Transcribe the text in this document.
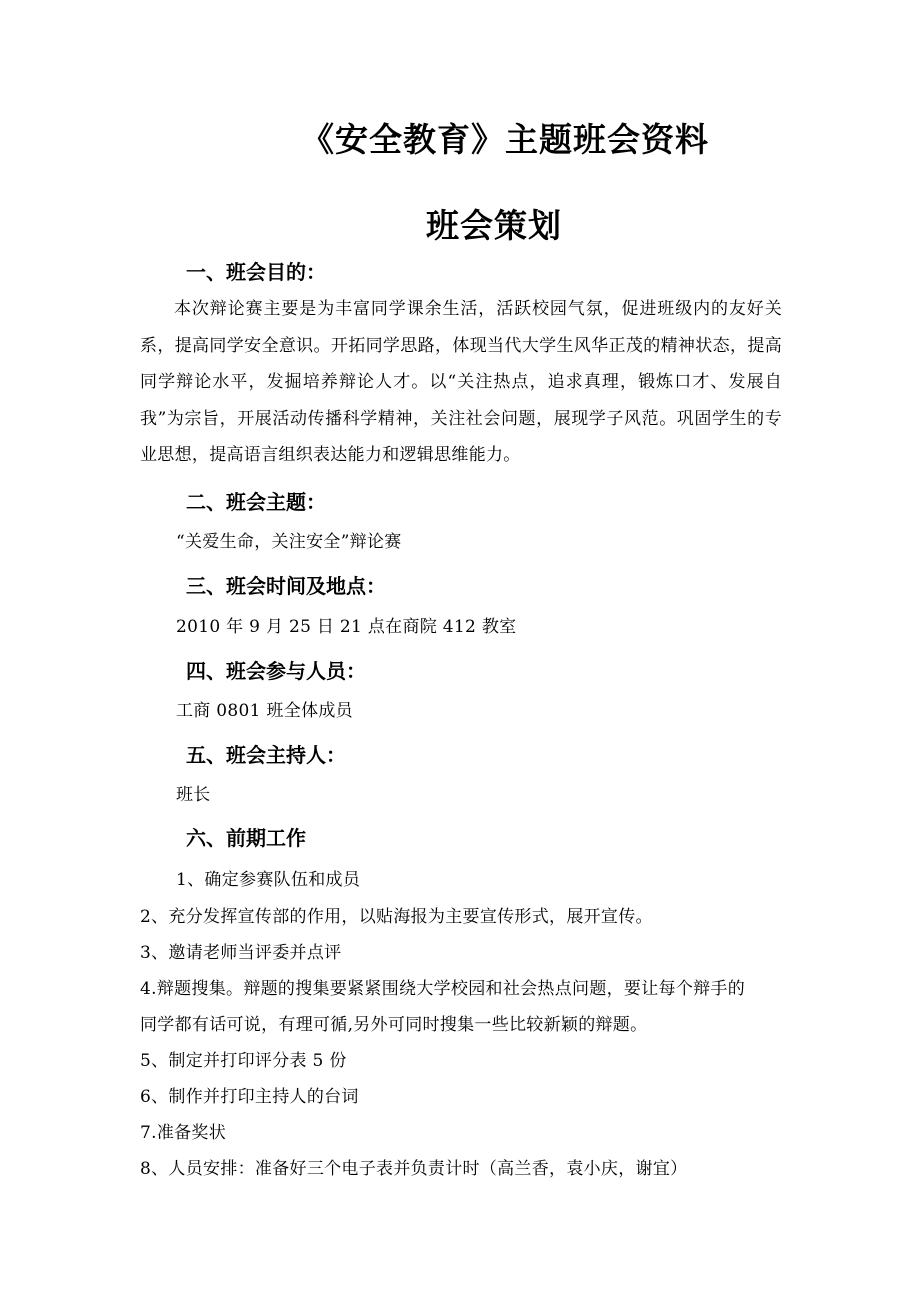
《安全教育》主题班会资料
班会策划
一、班会目的：

本次辩论赛主要是为丰富同学课余生活，活跃校园气氛，促进班级内的友好关系，提高同学安全意识。开拓同学思路，体现当代大学生风华正茂的精神状态，提高同学辩论水平，发掘培养辩论人才。以“关注热点，追求真理，锻炼口才、发展自我”为宗旨，开展活动传播科学精神，关注社会问题，展现学子风范。巩固学生的专业思想，提高语言组织表达能力和逻辑思维能力。

二、班会主题：
“关爱生命，关注安全”辩论赛
三、班会时间及地点：
2010 年 9 月 25 日 21 点在商院 412 教室
四、班会参与人员：
工商 0801 班全体成员
五、班会主持人：
班长
六、前期工作
1、确定参赛队伍和成员
2、充分发挥宣传部的作用，以贴海报为主要宣传形式，展开宣传。
3、邀请老师当评委并点评
4.辩题搜集。辩题的搜集要紧紧围绕大学校园和社会热点问题，要让每个辩手的
同学都有话可说，有理可循,另外可同时搜集一些比较新颖的辩题。
5、制定并打印评分表 5 份
6、制作并打印主持人的台词
7.准备奖状
8、人员安排：准备好三个电子表并负责计时（高兰香，袁小庆，谢宜）
